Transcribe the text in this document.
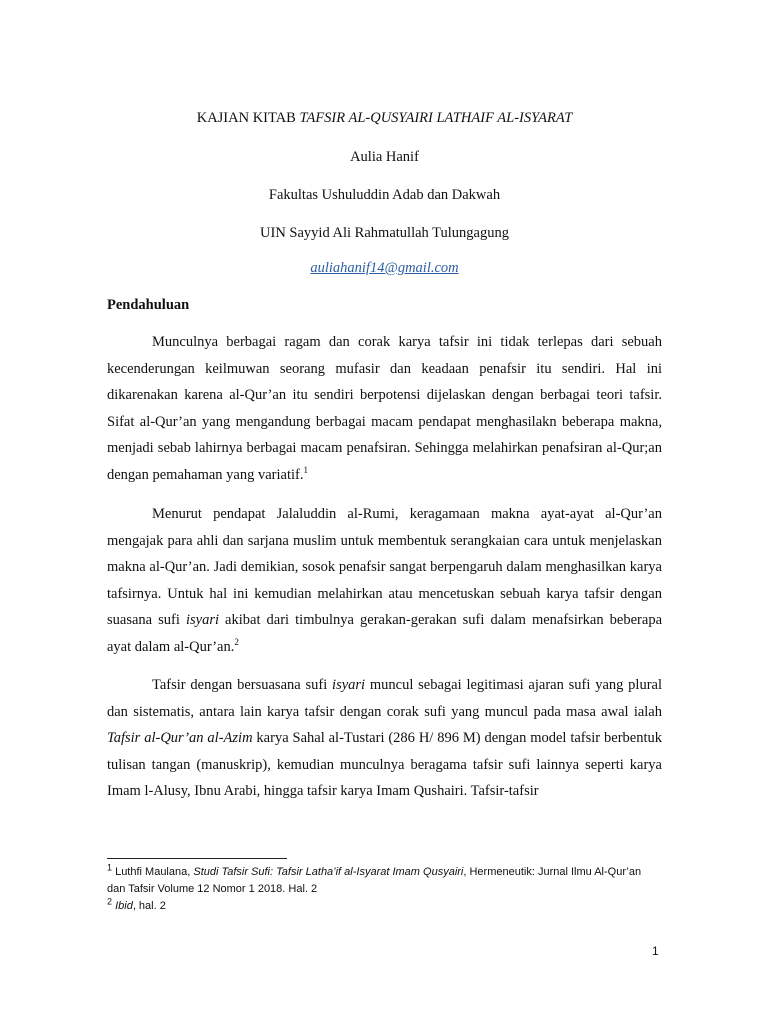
KAJIAN KITAB TAFSIR AL-QUSYAIRI LATHAIF AL-ISYARAT
Aulia Hanif
Fakultas Ushuluddin Adab dan Dakwah
UIN Sayyid Ali Rahmatullah Tulungagung
auliahanif14@gmail.com
Pendahuluan

Munculnya berbagai ragam dan corak karya tafsir ini tidak terlepas dari sebuah kecenderungan keilmuwan seorang mufasir dan keadaan penafsir itu sendiri. Hal ini dikarenakan karena al-Qur’an itu sendiri berpotensi dijelaskan dengan berbagai teori tafsir. Sifat al-Qur’an yang mengandung berbagai macam pendapat menghasilakn beberapa makna, menjadi sebab lahirnya berbagai macam penafsiran. Sehingga melahirkan penafsiran al-Qur;an dengan pemahaman yang variatif.$^1$

Menurut pendapat Jalaluddin al-Rumi, keragamaan makna ayat-ayat al-Qur’an mengajak para ahli dan sarjana muslim untuk membentuk serangkaian cara untuk menjelaskan makna al-Qur’an. Jadi demikian, sosok penafsir sangat berpengaruh dalam menghasilkan karya tafsirnya. Untuk hal ini kemudian melahirkan atau mencetuskan sebuah karya tafsir dengan suasana sufi isyari akibat dari timbulnya gerakan-gerakan sufi dalam menafsirkan beberapa ayat dalam al-Qur’an.$^2$

Tafsir dengan bersuasana sufi isyari muncul sebagai legitimasi ajaran sufi yang plural dan sistematis, antara lain karya tafsir dengan corak sufi yang muncul pada masa awal ialah Tafsir al-Qur’an al-Azim karya Sahal al-Tustari (286 H/ 896 M) dengan model tafsir berbentuk tulisan tangan (manuskrip), kemudian munculnya beragama tafsir sufi lainnya seperti karya Imam l-Alusy, Ibnu Arabi, hingga tafsir karya Imam Qushairi. Tafsir-tafsir

$^1$ Luthfi Maulana, Studi Tafsir Sufi: Tafsir Latha’if al-Isyarat Imam Qusyairi, Hermeneutik: Jurnal Ilmu Al-Qur’an dan Tafsir Volume 12 Nomor 1 2018. Hal. 2

$^2$ Ibid, hal. 2

1
